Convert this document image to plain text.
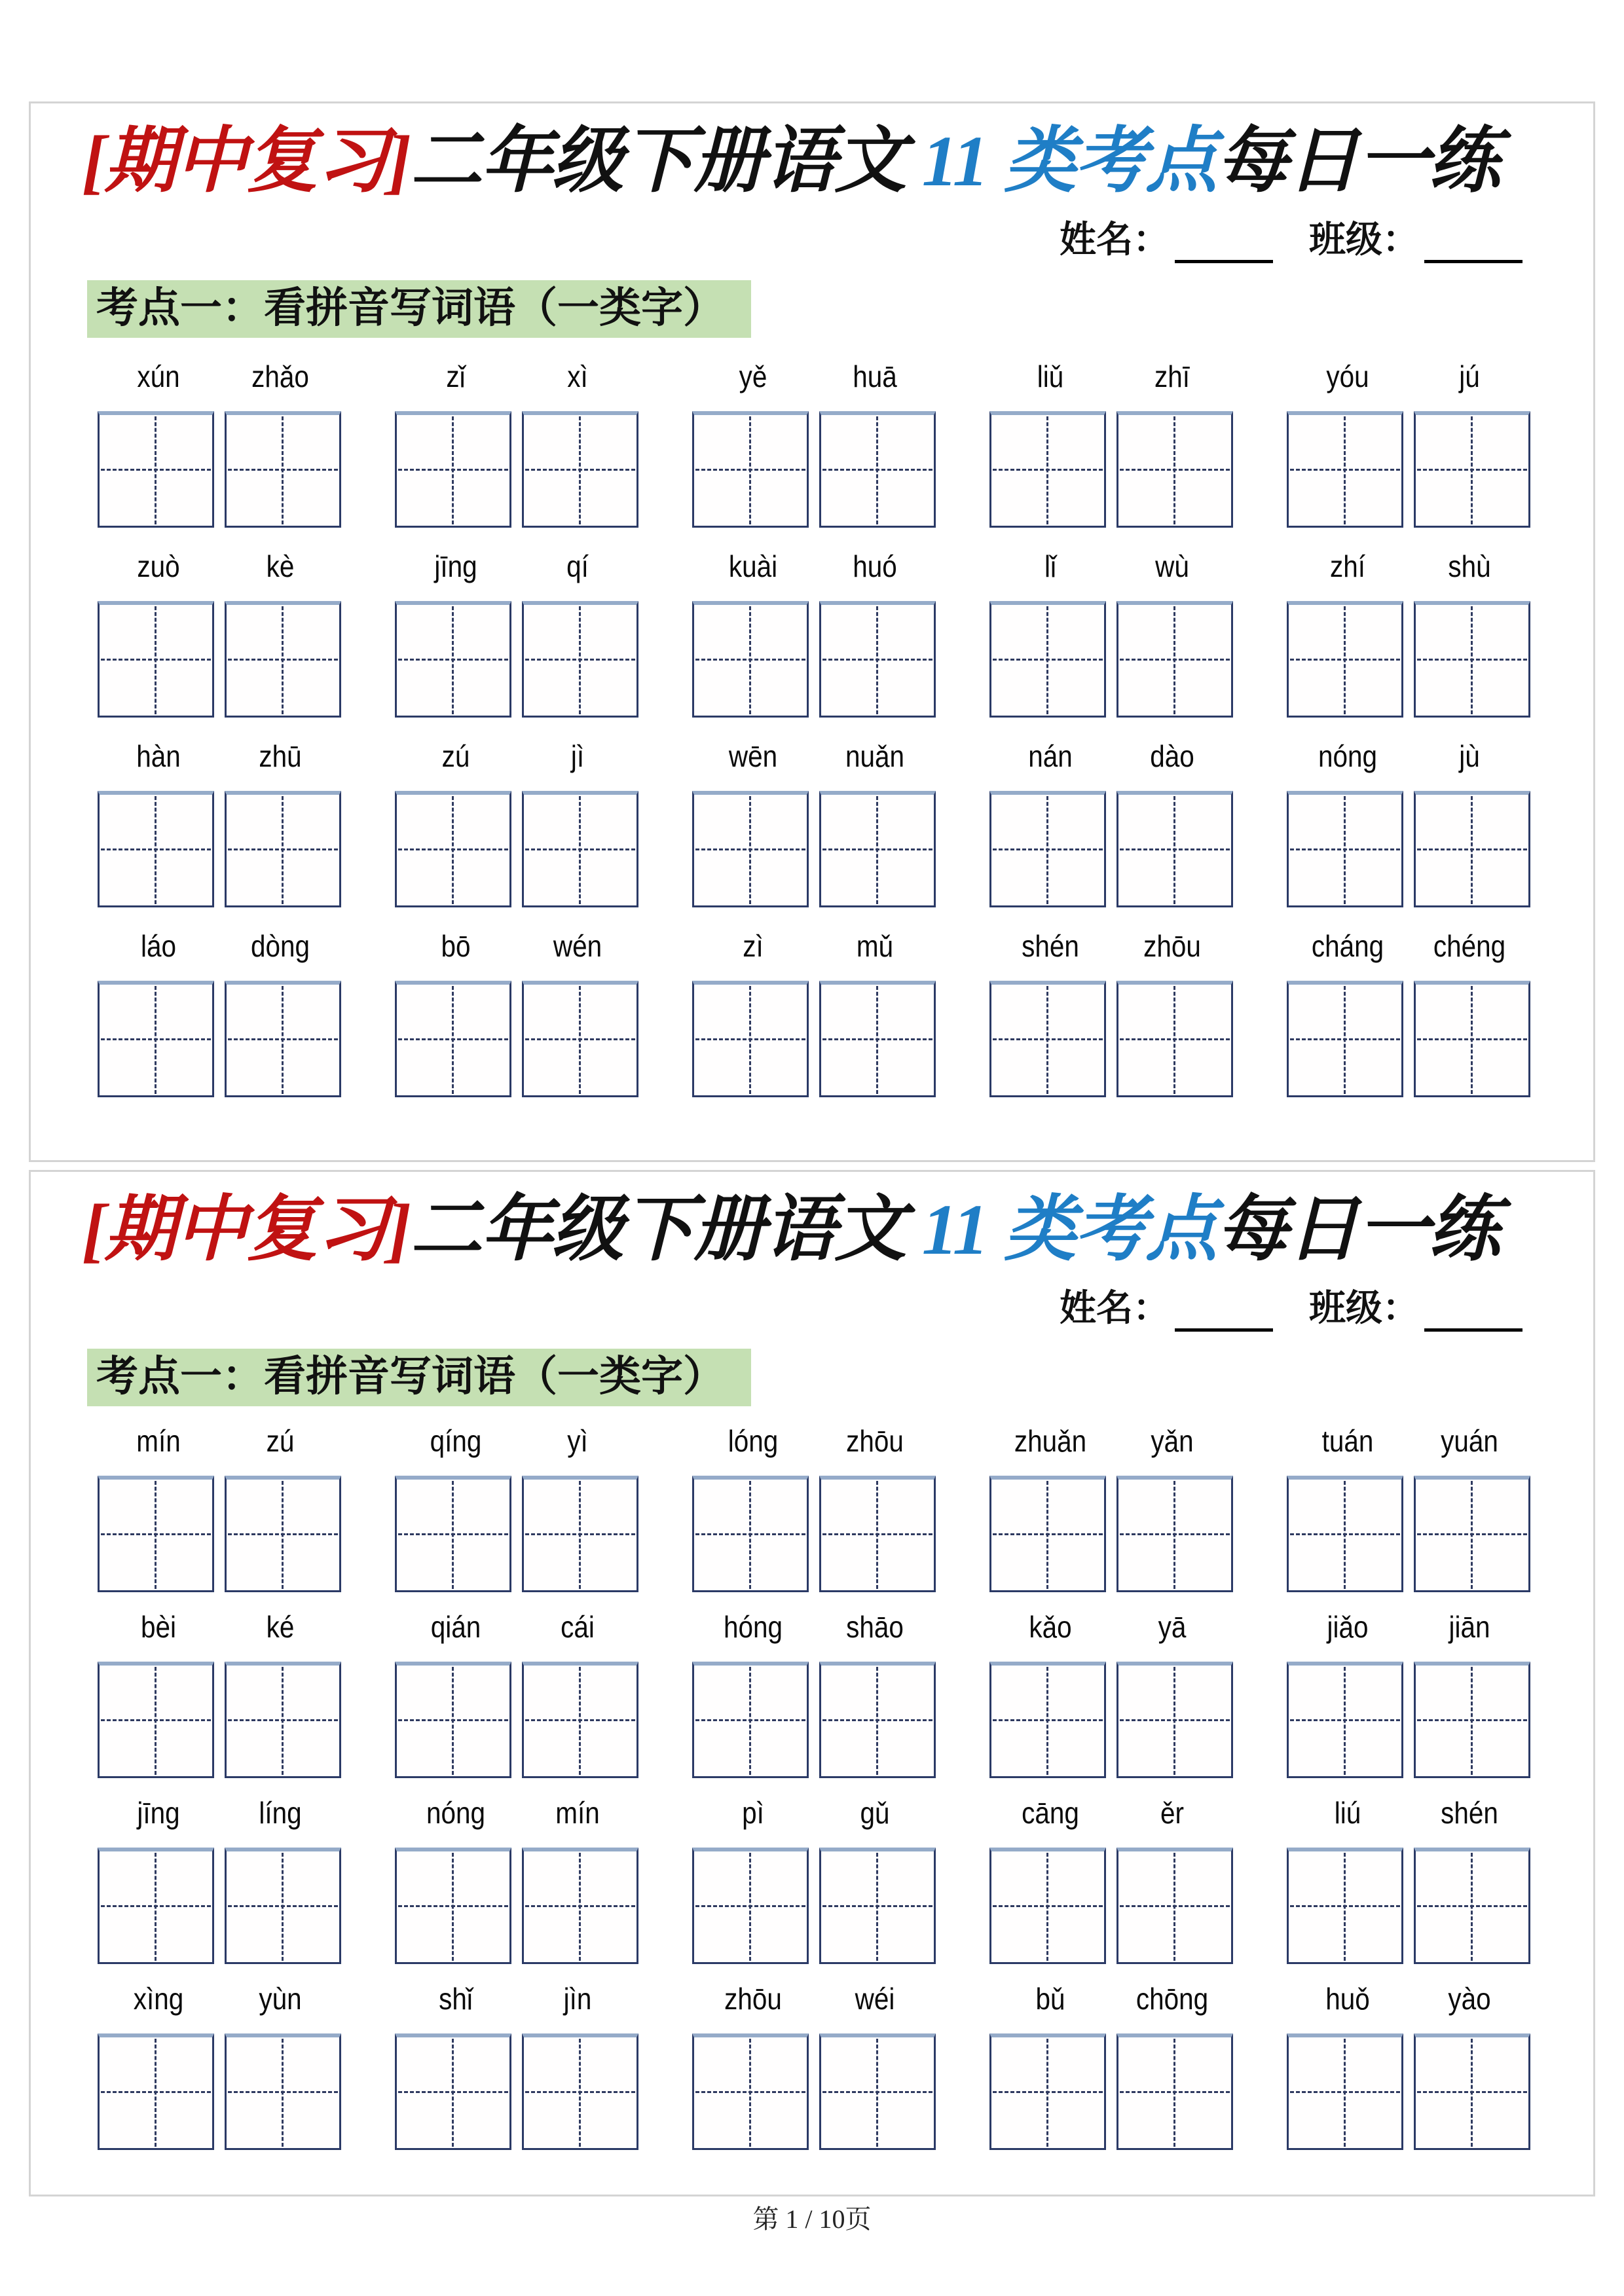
[期中复习]二年级下册语文 11 类考点每日一练
姓名：	班级：
考点一：看拼音写词语（一类字）
xún	zhǎo	zǐ	xì	yě	huā	liǔ	zhī	yóu	jú
zuò	kè	jīng	qí	kuài	huó	lǐ	wù	zhí	shù
hàn	zhū	zú	jì	wēn	nuǎn	nán	dào	nóng	jù
láo	dòng	bō	wén	zì	mǔ	shén	zhōu	cháng	chéng
[期中复习]二年级下册语文 11 类考点每日一练
姓名：	班级：
考点一：看拼音写词语（一类字）
mín	zú	qíng	yì	lóng	zhōu	zhuǎn	yǎn	tuán	yuán
bèi	ké	qián	cái	hóng	shāo	kǎo	yā	jiǎo	jiān
jīng	líng	nóng	mín	pì	gǔ	cāng	ěr	liú	shén
xìng	yùn	shǐ	jìn	zhōu	wéi	bǔ	chōng	huǒ	yào
第 1 / 10页
